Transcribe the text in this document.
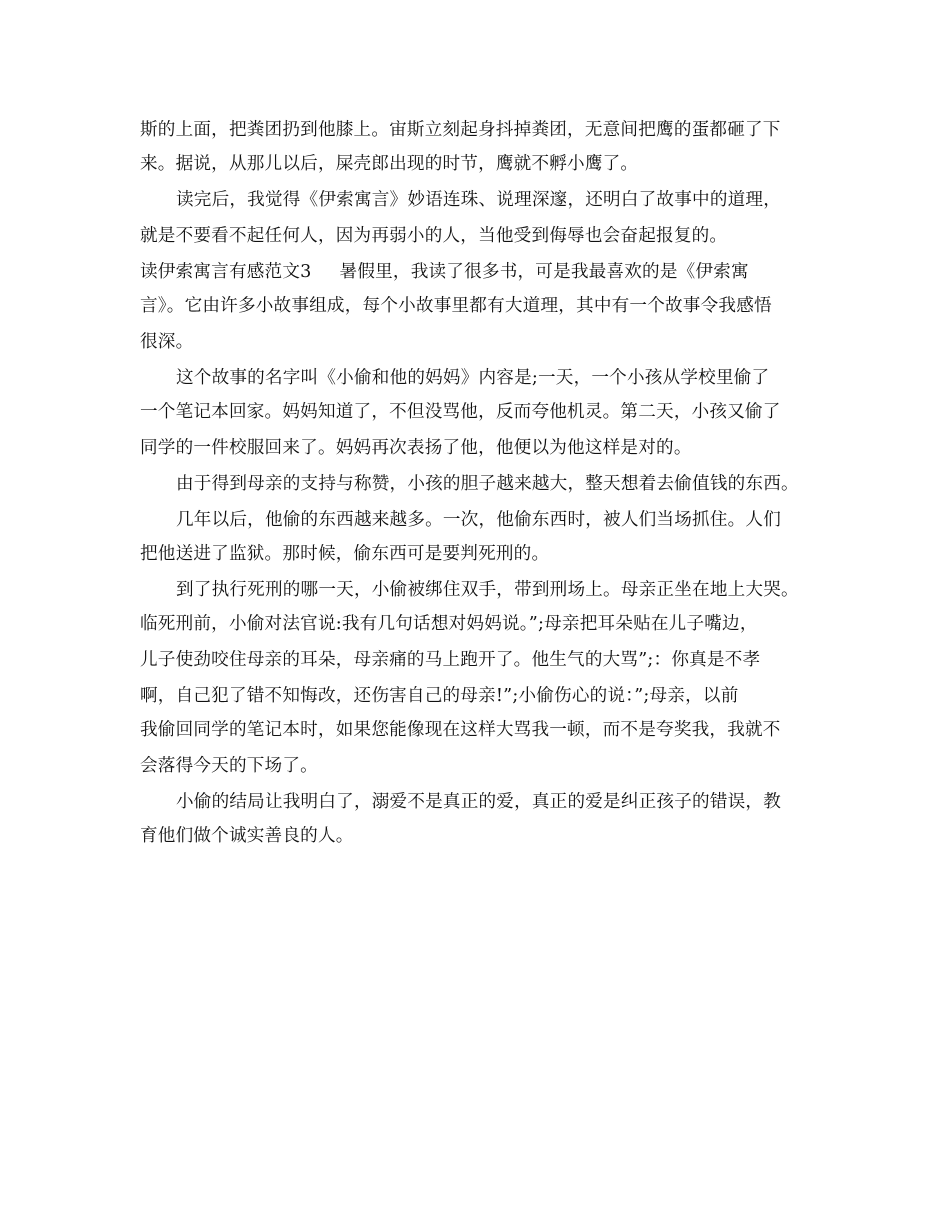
斯的上面，把粪团扔到他膝上。宙斯立刻起身抖掉粪团，无意间把鹰的蛋都砸了下
来。据说，从那儿以后，屎壳郎出现的时节，鹰就不孵小鹰了。
读完后，我觉得《伊索寓言》妙语连珠、说理深邃，还明白了故事中的道理，
就是不要看不起任何人，因为再弱小的人，当他受到侮辱也会奋起报复的。
读伊索寓言有感范文3 暑假里，我读了很多书，可是我最喜欢的是《伊索寓
言》。它由许多小故事组成，每个小故事里都有大道理，其中有一个故事令我感悟
很深。
这个故事的名字叫《小偷和他的妈妈》内容是;一天，一个小孩从学校里偷了
一个笔记本回家。妈妈知道了，不但没骂他，反而夸他机灵。第二天，小孩又偷了
同学的一件校服回来了。妈妈再次表扬了他，他便以为他这样是对的。
由于得到母亲的支持与称赞，小孩的胆子越来越大，整天想着去偷值钱的东西。
几年以后，他偷的东西越来越多。一次，他偷东西时，被人们当场抓住。人们
把他送进了监狱。那时候，偷东西可是要判死刑的。
到了执行死刑的哪一天，小偷被绑住双手，带到刑场上。母亲正坐在地上大哭。
临死刑前，小偷对法官说:我有几句话想对妈妈说。”;母亲把耳朵贴在儿子嘴边，
儿子使劲咬住母亲的耳朵，母亲痛的马上跑开了。他生气的大骂”;：你真是不孝
啊，自己犯了错不知悔改，还伤害自己的母亲!”;小偷伤心的说：”;母亲，以前
我偷回同学的笔记本时，如果您能像现在这样大骂我一顿，而不是夸奖我，我就不
会落得今天的下场了。
小偷的结局让我明白了，溺爱不是真正的爱，真正的爱是纠正孩子的错误，教
育他们做个诚实善良的人。
